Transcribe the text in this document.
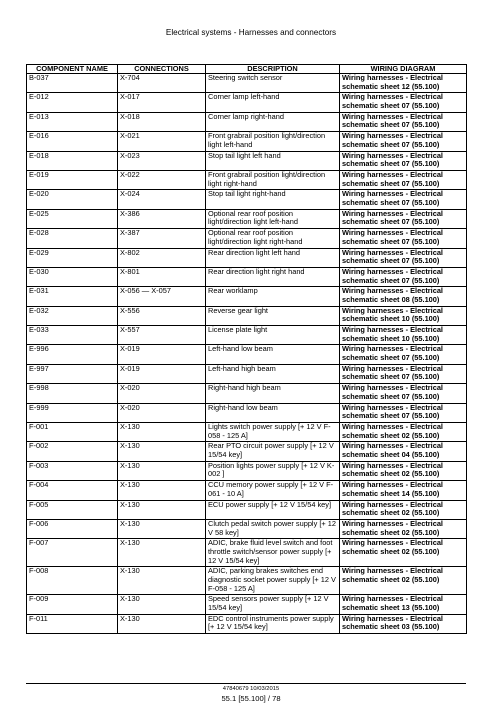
Electrical systems - Harnesses and connectors
COMPONENT NAME	CONNECTIONS	DESCRIPTION	WIRING DIAGRAM
B-037	X-704	Steering switch sensor	Wiring harnesses - Electrical schematic sheet 12 (55.100)
E-012	X-017	Corner lamp left-hand	Wiring harnesses - Electrical schematic sheet 07 (55.100)
E-013	X-018	Corner lamp right-hand	Wiring harnesses - Electrical schematic sheet 07 (55.100)
E-016	X-021	Front grabrail position light/direction light left-hand	Wiring harnesses - Electrical schematic sheet 07 (55.100)
E-018	X-023	Stop tail light left hand	Wiring harnesses - Electrical schematic sheet 07 (55.100)
E-019	X-022	Front grabrail position light/direction light right-hand	Wiring harnesses - Electrical schematic sheet 07 (55.100)
E-020	X-024	Stop tail light right-hand	Wiring harnesses - Electrical schematic sheet 07 (55.100)
E-025	X-386	Optional rear roof position light/direction light left-hand	Wiring harnesses - Electrical schematic sheet 07 (55.100)
E-028	X-387	Optional rear roof position light/direction light right-hand	Wiring harnesses - Electrical schematic sheet 07 (55.100)
E-029	X-802	Rear direction light left hand	Wiring harnesses - Electrical schematic sheet 07 (55.100)
E-030	X-801	Rear direction light right hand	Wiring harnesses - Electrical schematic sheet 07 (55.100)
E-031	X-056 — X-057	Rear worklamp	Wiring harnesses - Electrical schematic sheet 08 (55.100)
E-032	X-556	Reverse gear light	Wiring harnesses - Electrical schematic sheet 10 (55.100)
E-033	X-557	License plate light	Wiring harnesses - Electrical schematic sheet 10 (55.100)
E-996	X-019	Left-hand low beam	Wiring harnesses - Electrical schematic sheet 07 (55.100)
E-997	X-019	Left-hand high beam	Wiring harnesses - Electrical schematic sheet 07 (55.100)
E-998	X-020	Right-hand high beam	Wiring harnesses - Electrical schematic sheet 07 (55.100)
E-999	X-020	Right-hand low beam	Wiring harnesses - Electrical schematic sheet 07 (55.100)
F-001	X-130	Lights switch power supply [+ 12 V F-058 - 125 A]	Wiring harnesses - Electrical schematic sheet 02 (55.100)
F-002	X-130	Rear PTO circuit power supply [+ 12 V 15/54 key]	Wiring harnesses - Electrical schematic sheet 04 (55.100)
F-003	X-130	Position lights power supply [+ 12 V K-002 ]	Wiring harnesses - Electrical schematic sheet 02 (55.100)
F-004	X-130	CCU memory power supply [+ 12 V F-061 - 10 A]	Wiring harnesses - Electrical schematic sheet 14 (55.100)
F-005	X-130	ECU power supply [+ 12 V 15/54 key]	Wiring harnesses - Electrical schematic sheet 02 (55.100)
F-006	X-130	Clutch pedal switch power supply [+ 12 V 58 key]	Wiring harnesses - Electrical schematic sheet 02 (55.100)
F-007	X-130	ADIC, brake fluid level switch and foot throttle switch/sensor power supply [+ 12 V 15/54 key]	Wiring harnesses - Electrical schematic sheet 02 (55.100)
F-008	X-130	ADIC, parking brakes switches end diagnostic socket power supply [+ 12 V F-058 - 125 A]	Wiring harnesses - Electrical schematic sheet 02 (55.100)
F-009	X-130	Speed sensors power supply [+ 12 V 15/54 key]	Wiring harnesses - Electrical schematic sheet 13 (55.100)
F-011	X-130	EDC control instruments power supply [+ 12 V 15/54 key]	Wiring harnesses - Electrical schematic sheet 03 (55.100)
47840679 10/03/2015
55.1 [55.100] / 78
